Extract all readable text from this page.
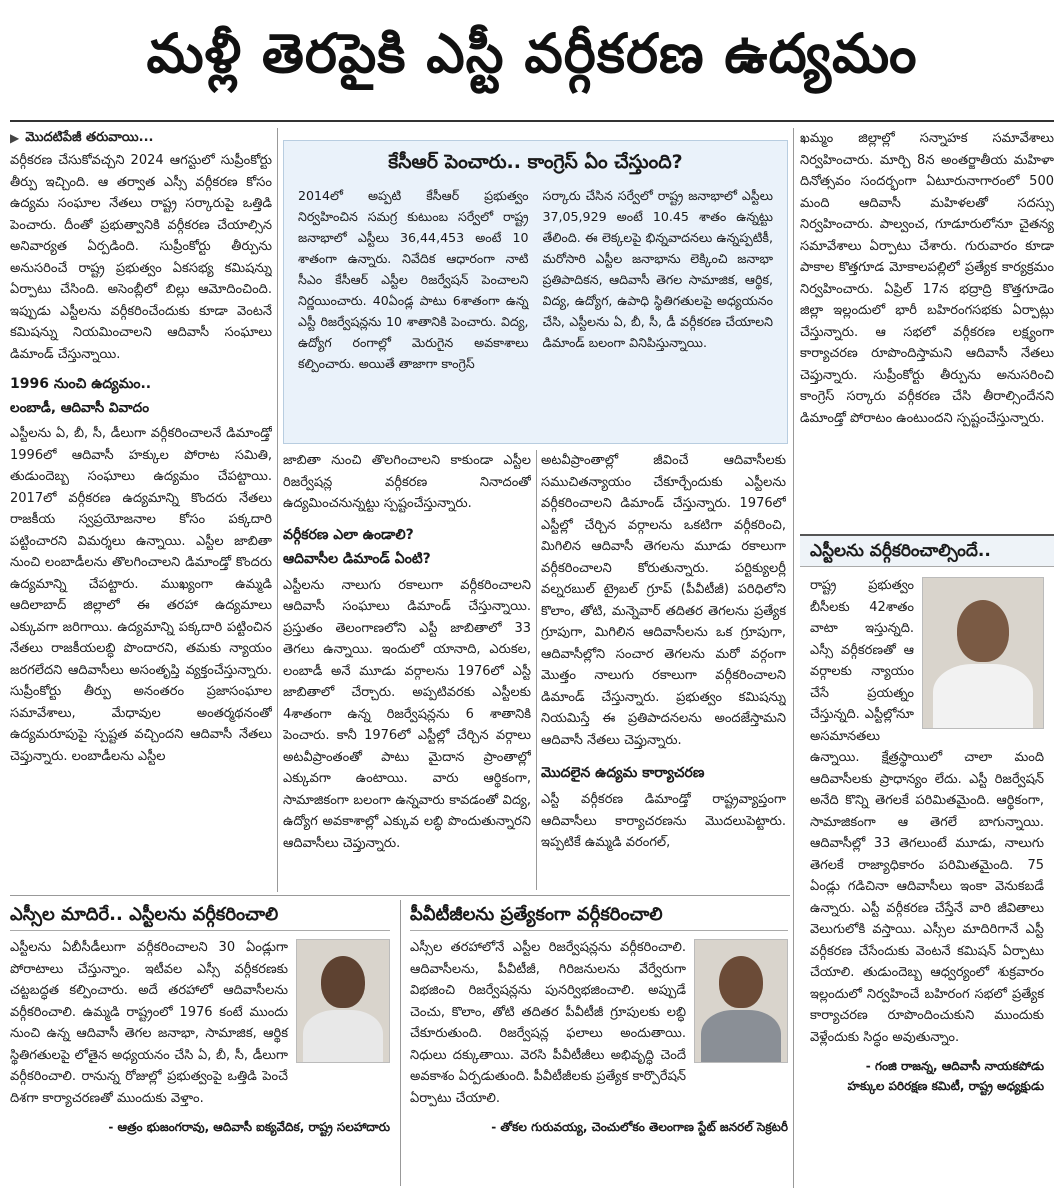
మళ్లీ తెరపైకి ఎస్టీ వర్గీకరణ ఉద్యమం
▶ మొదటిపేజీ తరువాయి...

వర్గీకరణ చేసుకోవచ్చని 2024 ఆగస్టులో సుప్రీంకోర్టు తీర్పు ఇచ్చింది. ఆ తర్వాత ఎస్సీ వర్గీకరణ కోసం ఉద్యమ సంఘాల నేతలు రాష్ట్ర సర్కారుపై ఒత్తిడి పెంచారు. దీంతో ప్రభుత్వానికి వర్గీకరణ చేయాల్సిన అనివార్యత ఏర్పడింది. సుప్రీంకోర్టు తీర్పును అనుసరించే రాష్ట్ర ప్రభుత్వం ఏకసభ్య కమిషన్ను ఏర్పాటు చేసింది. అసెంబ్లీలో బిల్లు ఆమోదించింది. ఇప్పుడు ఎస్టీలను వర్గీకరించేందుకు కూడా వెంటనే కమిషన్ను నియమించాలని ఆదివాసీ సంఘాలు డిమాండ్ చేస్తున్నాయి.

1996 నుంచి ఉద్యమం..
లంబాడీ, ఆదివాసీ వివాదం

ఎస్టీలను ఏ, బీ, సీ, డీలుగా వర్గీకరించాలనే డిమాండ్తో 1996లో ఆదివాసీ హక్కుల పోరాట సమితి, తుడుందెబ్బ సంఘాలు ఉద్యమం చేపట్టాయి. 2017లో వర్గీకరణ ఉద్యమాన్ని కొందరు నేతలు రాజకీయ స్వప్రయోజనాల కోసం పక్కదారి పట్టించారని విమర్శలు ఉన్నాయి. ఎస్టీల జాబితా నుంచి లంబాడీలను తొలగించాలని డిమాండ్తో కొందరు ఉద్యమాన్ని చేపట్టారు. ముఖ్యంగా ఉమ్మడి ఆదిలాబాద్ జిల్లాలో ఈ తరహా ఉద్యమాలు ఎక్కువగా జరిగాయి. ఉద్యమాన్ని పక్కదారి పట్టించిన నేతలు రాజకీయలబ్ధి పొందారని, తమకు న్యాయం జరగలేదని ఆదివాసీలు అసంతృప్తి వ్యక్తంచేస్తున్నారు. సుప్రీంకోర్టు తీర్పు అనంతరం ప్రజాసంఘాల సమావేశాలు, మేధావుల అంతర్మథనంతో ఉద్యమరూపుపై స్పష్టత వచ్చిందని ఆదివాసీ నేతలు చెప్తున్నారు. లంబాడీలను ఎస్టీల

కేసీఆర్ పెంచారు.. కాంగ్రెస్ ఏం చేస్తుంది?
2014లో అప్పటి కేసీఆర్ ప్రభుత్వం నిర్వహించిన సమగ్ర కుటుంబ సర్వేలో రాష్ట్ర జనాభాలో ఎస్టీలు 36,44,453 అంటే 10 శాతంగా ఉన్నారు. నివేదిక ఆధారంగా నాటి సీఎం కేసీఆర్ ఎస్టీల రిజర్వేషన్ పెంచాలని నిర్ణయించారు. 40ఏండ్ల పాటు 6శాతంగా ఉన్న ఎస్టీ రిజర్వేషన్లను 10 శాతానికి పెంచారు. విద్య, ఉద్యోగ రంగాల్లో మెరుగైన అవకాశాలు కల్పించారు. అయితే తాజాగా కాంగ్రెస్
సర్కారు చేసిన సర్వేలో రాష్ట్ర జనాభాలో ఎస్టీలు 37,05,929 అంటే 10.45 శాతం ఉన్నట్టు తేలింది. ఈ లెక్కలపై భిన్నవాదనలు ఉన్నప్పటికీ, మరోసారి ఎస్టీల జనాభాను లెక్కించి జనాభా ప్రతిపాదికన, ఆదివాసీ తెగల సామాజిక, ఆర్థిక, విద్య, ఉద్యోగ, ఉపాధి స్థితిగతులపై అధ్యయనం చేసి, ఎస్టీలను ఏ, బీ, సీ, డీ వర్గీకరణ చేయాలని డిమాండ్ బలంగా వినిపిస్తున్నాయి.

జాబితా నుంచి తొలగించాలని కాకుండా ఎస్టీల రిజర్వేషన్ల వర్గీకరణ నినాదంతో ఉద్యమించనున్నట్టు స్పష్టంచేస్తున్నారు.

వర్గీకరణ ఎలా ఉండాలి?
ఆదివాసీల డిమాండ్ ఏంటి?

ఎస్టీలను నాలుగు రకాలుగా వర్గీకరించాలని ఆదివాసీ సంఘాలు డిమాండ్ చేస్తున్నాయి. ప్రస్తుతం తెలంగాణలోని ఎస్టీ జాబితాలో 33 తెగలు ఉన్నాయి. ఇందులో యానాది, ఎరుకల, లంబాడీ అనే మూడు వర్గాలను 1976లో ఎస్టీ జాబితాలో చేర్చారు. అప్పటివరకు ఎస్టీలకు 4శాతంగా ఉన్న రిజర్వేషన్లను 6 శాతానికి పెంచారు. కానీ 1976లో ఎస్టీల్లో చేర్చిన వర్గాలు అటవీప్రాంతంతో పాటు మైదాన ప్రాంతాల్లో ఎక్కువగా ఉంటాయి. వారు ఆర్థికంగా, సామాజికంగా బలంగా ఉన్నవారు కావడంతో విద్య, ఉద్యోగ అవకాశాల్లో ఎక్కువ లబ్ధి పొందుతున్నారని ఆదివాసీలు చెప్తున్నారు.

అటవీప్రాంతాల్లో జీవించే ఆదివాసీలకు సముచితన్యాయం చేకూర్చేందుకు ఎస్టీలను వర్గీకరించాలని డిమాండ్ చేస్తున్నారు. 1976లో ఎస్టీల్లో చేర్చిన వర్గాలను ఒకటిగా వర్గీకరించి, మిగిలిన ఆదివాసీ తెగలను మూడు రకాలుగా వర్గీకరించాలని కోరుతున్నారు. పర్టిక్యులర్లీ వల్నరబుల్ ట్రైబల్ గ్రూప్ (పీవీటీజీ) పరిధిలోని కొలాం, తోటి, మన్నెవార్ తదితర తెగలను ప్రత్యేక గ్రూపుగా, మిగిలిన ఆదివాసీలను ఒక గ్రూపుగా, ఆదివాసీల్లోని సంచార తెగలను మరో వర్గంగా మొత్తం నాలుగు రకాలుగా వర్గీకరించాలని డిమాండ్ చేస్తున్నారు. ప్రభుత్వం కమిషన్ను నియమిస్తే ఈ ప్రతిపాదనలను అందజేస్తామని ఆదివాసీ నేతలు చెప్తున్నారు.

మొదలైన ఉద్యమ కార్యాచరణ

ఎస్టీ వర్గీకరణ డిమాండ్తో రాష్ట్రవ్యాప్తంగా ఆదివాసీలు కార్యాచరణను మొదలుపెట్టారు. ఇప్పటికే ఉమ్మడి వరంగల్,

ఖమ్మం జిల్లాల్లో సన్నాహక సమావేశాలు నిర్వహించారు. మార్చి 8న అంతర్జాతీయ మహిళా దినోత్సవం సందర్భంగా ఏటూరునాగారంలో 500 మంది ఆదివాసీ మహిళలతో సదస్సు నిర్వహించారు. పాల్వంచ, గూడూరులోనూ చైతన్య సమావేశాలు ఏర్పాటు చేశారు. గురువారం కూడా పాకాల కొత్తగూడ మోకాలపల్లిలో ప్రత్యేక కార్యక్రమం నిర్వహించారు. ఏప్రిల్ 17న భద్రాద్రి కొత్తగూడెం జిల్లా ఇల్లందులో భారీ బహిరంగసభకు ఏర్పాట్లు చేస్తున్నారు. ఆ సభలో వర్గీకరణ లక్ష్యంగా కార్యాచరణ రూపొందిస్తామని ఆదివాసీ నేతలు చెప్తున్నారు. సుప్రీంకోర్టు తీర్పును అనుసరించి కాంగ్రెస్ సర్కారు వర్గీకరణ చేసి తీరాల్సిందేనని డిమాండ్తో పోరాటం ఉంటుందని స్పష్టంచేస్తున్నారు.

ఎస్టీలను వర్గీకరించాల్సిందే..

రాష్ట్ర ప్రభుత్వం బీసీలకు 42శాతం వాటా ఇస్తున్నది. ఎస్సీ వర్గీకరణతో ఆ వర్గాలకు న్యాయం చేసే ప్రయత్నం చేస్తున్నది. ఎస్టీల్లోనూ అసమానతలు ఉన్నాయి. క్షేత్రస్థాయిలో చాలా మంది ఆదివాసీలకు ప్రాధాన్యం లేదు. ఎస్టీ రిజర్వేషన్ అనేది కొన్ని తెగలకే పరిమితమైంది. ఆర్థికంగా, సామాజికంగా ఆ తెగలే బాగున్నాయి. ఆదివాసీల్లో 33 తెగలుంటే మూడు, నాలుగు తెగలకే రాజ్యాధికారం పరిమితమైంది. 75 ఏండ్లు గడిచినా ఆదివాసీలు ఇంకా వెనుకబడే ఉన్నారు. ఎస్టీ వర్గీకరణ చేస్తేనే వారి జీవితాలు వెలుగులోకి వస్తాయి. ఎస్సీల మాదిరిగానే ఎస్టీ వర్గీకరణ చేసేందుకు వెంటనే కమిషన్ ఏర్పాటు చేయాలి. తుడుందెబ్బ ఆధ్వర్యంలో శుక్రవారం ఇల్లందులో నిర్వహించే బహిరంగ సభలో ప్రత్యేక కార్యాచరణ రూపొందించుకుని ముందుకు వెళ్లేందుకు సిద్ధం అవుతున్నాం.

- గంజి రాజన్న, ఆదివాసీ నాయకపోడు
హక్కుల పరిరక్షణ కమిటీ, రాష్ట్ర అధ్యక్షుడు
ఎస్సీల మాదిరే.. ఎస్టీలను వర్గీకరించాలి

ఎస్టీలను ఏబీసీడీలుగా వర్గీకరించాలని 30 ఏండ్లుగా పోరాటాలు చేస్తున్నాం. ఇటీవల ఎస్సీ వర్గీకరణకు చట్టబద్ధత కల్పించారు. అదే తరహాలో ఆదివాసీలను వర్గీకరించాలి. ఉమ్మడి రాష్ట్రంలో 1976 కంటే ముందు నుంచి ఉన్న ఆదివాసీ తెగల జనాభా, సామాజిక, ఆర్థిక స్థితిగతులపై లోతైన అధ్యయనం చేసి ఏ, బీ, సీ, డీలుగా వర్గీకరించాలి. రానున్న రోజుల్లో ప్రభుత్వంపై ఒత్తిడి పెంచే దిశగా కార్యాచరణతో ముందుకు వెళ్తాం.

- ఆత్రం భుజంగరావు, ఆదివాసీ ఐక్యవేదిక, రాష్ట్ర సలహాదారు
పీవీటీజీలను ప్రత్యేకంగా వర్గీకరించాలి

ఎస్సీల తరహాలోనే ఎస్టీల రిజర్వేషన్లను వర్గీకరించాలి. ఆదివాసీలను, పీవీటీజీ, గిరిజనులను వేర్వేరుగా విభజించి రిజర్వేషన్లను పునర్విభజించాలి. అప్పుడే చెంచు, కొలాం, తోటి తదితర పీవీటీజీ గ్రూపులకు లబ్ధి చేకూరుతుంది. రిజర్వేషన్ల ఫలాలు అందుతాయి. నిధులు దక్కుతాయి. వెరసి పీవీటీజీలు అభివృద్ధి చెందే అవకాశం ఏర్పడుతుంది. పీవీటీజీలకు ప్రత్యేక కార్పొరేషన్ ఏర్పాటు చేయాలి.

- తోకల గురువయ్య, చెంచులోకం తెలంగాణ స్టేట్ జనరల్ సెక్రటరీ
